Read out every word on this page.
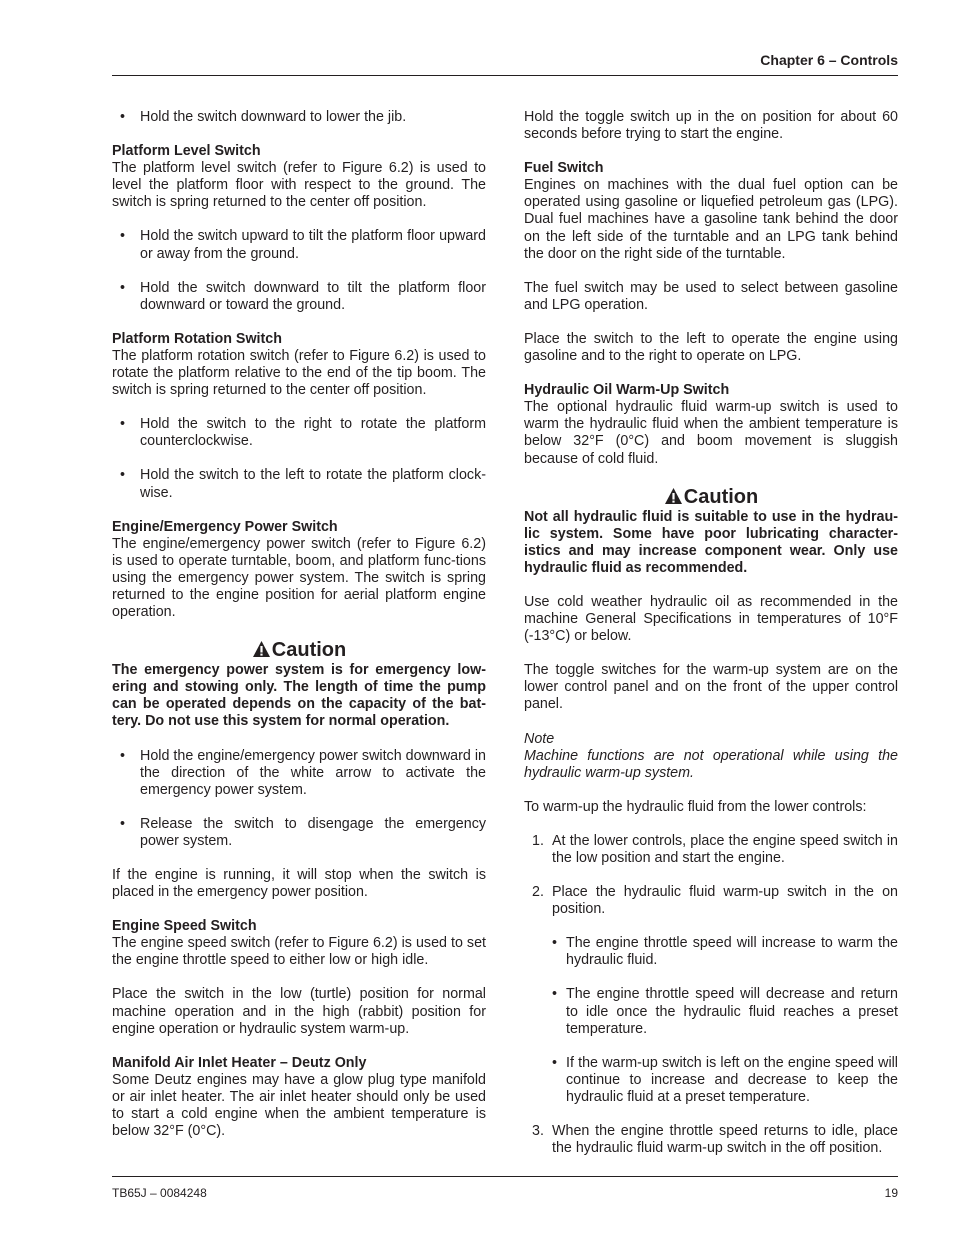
Chapter 6 – Controls
• Hold the switch downward to lower the jib.
Platform Level Switch

The platform level switch (refer to Figure 6.2) is used to level the platform floor with respect to the ground. The switch is spring returned to the center off position.

• Hold the switch upward to tilt the platform floor upward or away from the ground.
• Hold the switch downward to tilt the platform floor downward or toward the ground.
Platform Rotation Switch

The platform rotation switch (refer to Figure 6.2) is used to rotate the platform relative to the end of the tip boom. The switch is spring returned to the center off position.

• Hold the switch to the right to rotate the platform counterclockwise.
• Hold the switch to the left to rotate the platform clock-wise.
Engine/Emergency Power Switch

The engine/emergency power switch (refer to Figure 6.2) is used to operate turntable, boom, and platform func-tions using the emergency power system. The switch is spring returned to the engine position for aerial platform engine operation.

Caution
The emergency power system is for emergency low-ering and stowing only. The length of time the pump can be operated depends on the capacity of the bat-tery. Do not use this system for normal operation.
• Hold the engine/emergency power switch downward in the direction of the white arrow to activate the emergency power system.
• Release the switch to disengage the emergency power system.

If the engine is running, it will stop when the switch is placed in the emergency power position.

Engine Speed Switch

The engine speed switch (refer to Figure 6.2) is used to set the engine throttle speed to either low or high idle.

Place the switch in the low (turtle) position for normal machine operation and in the high (rabbit) position for engine operation or hydraulic system warm-up.

Manifold Air Inlet Heater – Deutz Only

Some Deutz engines may have a glow plug type manifold or air inlet heater. The air inlet heater should only be used to start a cold engine when the ambient temperature is below 32°F (0°C).

Hold the toggle switch up in the on position for about 60 seconds before trying to start the engine.

Fuel Switch

Engines on machines with the dual fuel option can be operated using gasoline or liquefied petroleum gas (LPG). Dual fuel machines have a gasoline tank behind the door on the left side of the turntable and an LPG tank behind the door on the right side of the turntable.

The fuel switch may be used to select between gasoline and LPG operation.

Place the switch to the left to operate the engine using gasoline and to the right to operate on LPG.

Hydraulic Oil Warm-Up Switch

The optional hydraulic fluid warm-up switch is used to warm the hydraulic fluid when the ambient temperature is below 32°F (0°C) and boom movement is sluggish because of cold fluid.

Caution
Not all hydraulic fluid is suitable to use in the hydrau-lic system. Some have poor lubricating character-istics and may increase component wear. Only use hydraulic fluid as recommended.

Use cold weather hydraulic oil as recommended in the machine General Specifications in temperatures of 10°F (-13°C) or below.

The toggle switches for the warm-up system are on the lower control panel and on the front of the upper control panel.

Note

Machine functions are not operational while using the hydraulic warm-up system.

To warm-up the hydraulic fluid from the lower controls:

1. At the lower controls, place the engine speed switch in the low position and start the engine.
2. Place the hydraulic fluid warm-up switch in the on position.
• The engine throttle speed will increase to warm the hydraulic fluid.
• The engine throttle speed will decrease and return to idle once the hydraulic fluid reaches a preset temperature.
• If the warm-up switch is left on the engine speed will continue to increase and decrease to keep the hydraulic fluid at a preset temperature.
3. When the engine throttle speed returns to idle, place the hydraulic fluid warm-up switch in the off position.
TB65J – 0084248	19
